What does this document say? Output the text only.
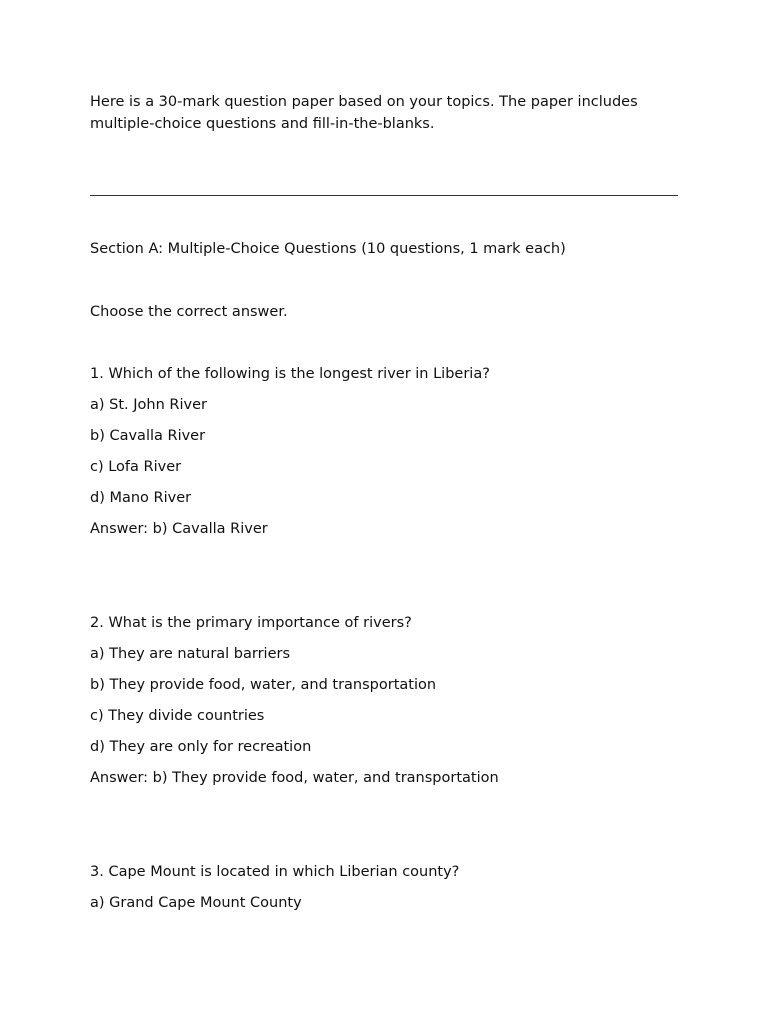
Here is a 30-mark question paper based on your topics. The paper includes multiple-choice questions and fill-in-the-blanks.

Section A: Multiple-Choice Questions (10 questions, 1 mark each)

Choose the correct answer.

1. Which of the following is the longest river in Liberia?

a) St. John River

b) Cavalla River

c) Lofa River

d) Mano River

Answer: b) Cavalla River

2. What is the primary importance of rivers?

a) They are natural barriers

b) They provide food, water, and transportation

c) They divide countries

d) They are only for recreation

Answer: b) They provide food, water, and transportation

3. Cape Mount is located in which Liberian county?

a) Grand Cape Mount County
